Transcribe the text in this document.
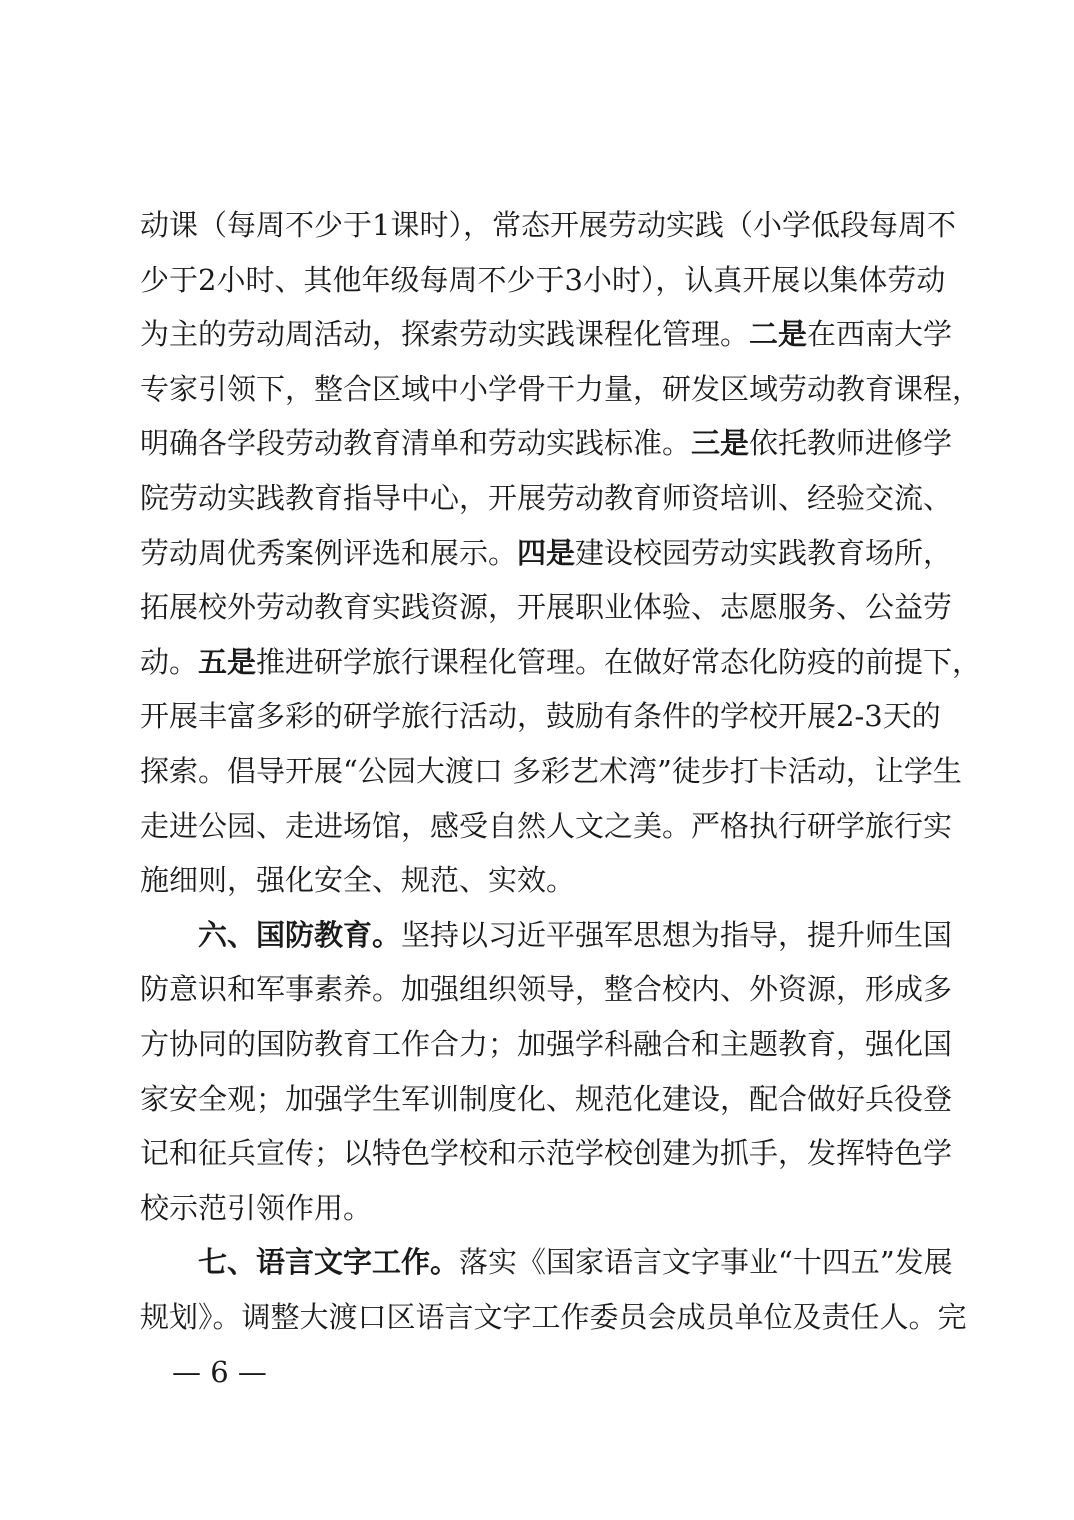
动课（每周不少于1课时），常态开展劳动实践（小学低段每周不
少于2小时、其他年级每周不少于3小时），认真开展以集体劳动
为主的劳动周活动，探索劳动实践课程化管理。二是在西南大学
专家引领下，整合区域中小学骨干力量，研发区域劳动教育课程，
明确各学段劳动教育清单和劳动实践标准。三是依托教师进修学
院劳动实践教育指导中心，开展劳动教育师资培训、经验交流、
劳动周优秀案例评选和展示。四是建设校园劳动实践教育场所，
拓展校外劳动教育实践资源，开展职业体验、志愿服务、公益劳
动。五是推进研学旅行课程化管理。在做好常态化防疫的前提下，
开展丰富多彩的研学旅行活动，鼓励有条件的学校开展2-3天的
探索。倡导开展“公园大渡口 多彩艺术湾”徒步打卡活动，让学生
走进公园、走进场馆，感受自然人文之美。严格执行研学旅行实
施细则，强化安全、规范、实效。
六、国防教育。坚持以习近平强军思想为指导，提升师生国
防意识和军事素养。加强组织领导，整合校内、外资源，形成多
方协同的国防教育工作合力；加强学科融合和主题教育，强化国
家安全观；加强学生军训制度化、规范化建设，配合做好兵役登
记和征兵宣传；以特色学校和示范学校创建为抓手，发挥特色学
校示范引领作用。
七、语言文字工作。落实《国家语言文字事业“十四五”发展
规划》。调整大渡口区语言文字工作委员会成员单位及责任人。完
— 6 —
